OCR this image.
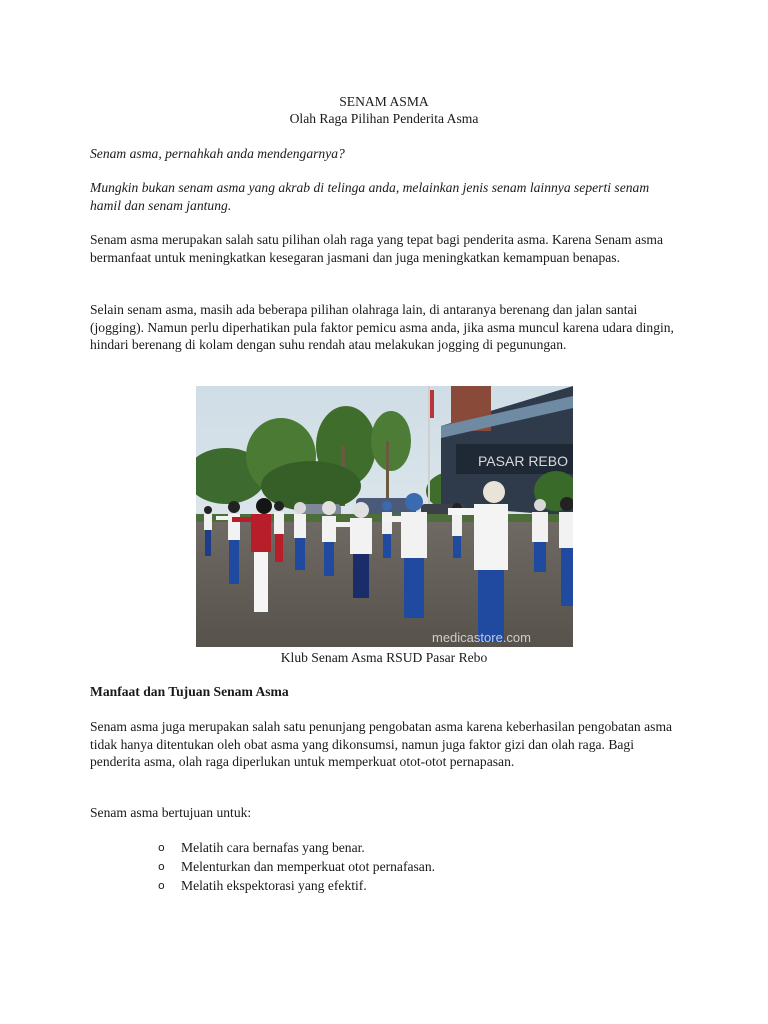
SENAM ASMA
Olah Raga Pilihan Penderita Asma
Senam asma, pernahkah anda mendengarnya?
Mungkin bukan senam asma yang akrab di telinga anda, melainkan jenis senam lainnya seperti senam hamil dan senam jantung.
Senam asma merupakan salah satu pilihan olah raga yang tepat bagi penderita asma. Karena Senam asma bermanfaat untuk meningkatkan kesegaran jasmani dan juga meningkatkan kemampuan benapas.
Selain senam asma, masih ada beberapa pilihan olahraga lain, di antaranya berenang dan jalan santai (jogging). Namun perlu diperhatikan pula faktor pemicu asma anda, jika asma muncul karena udara dingin, hindari berenang di kolam dengan suhu rendah atau melakukan jogging di pegunungan.
PASAR REBO
medicastore.com
Klub Senam Asma RSUD Pasar Rebo
Manfaat dan Tujuan Senam Asma
Senam asma juga merupakan salah satu penunjang pengobatan asma karena keberhasilan pengobatan asma tidak hanya ditentukan oleh obat asma yang dikonsumsi, namun juga faktor gizi dan olah raga. Bagi penderita asma, olah raga diperlukan untuk memperkuat otot-otot pernapasan.
Senam asma bertujuan untuk:
o Melatih cara bernafas yang benar.
o Melenturkan dan memperkuat otot pernafasan.
o Melatih ekspektorasi yang efektif.
